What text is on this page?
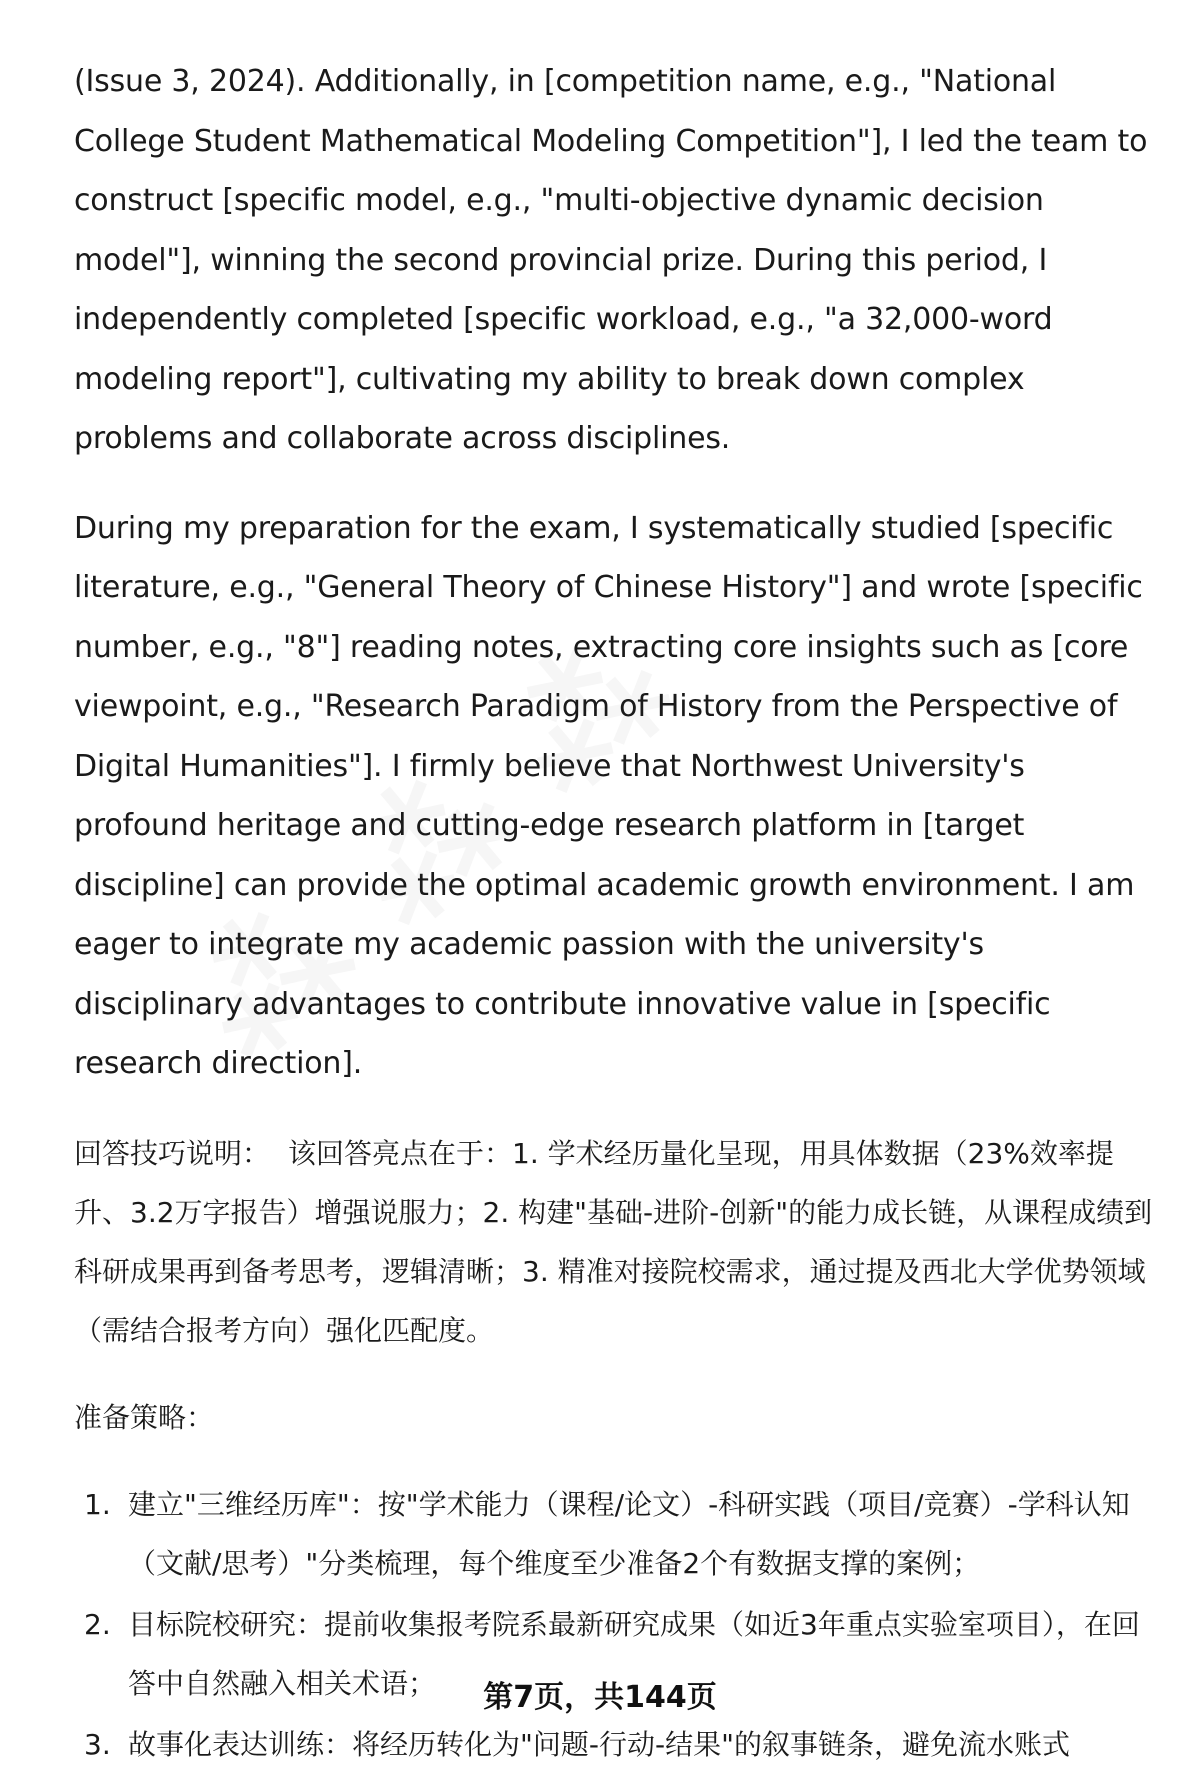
(Issue 3, 2024). Additionally, in [competition name, e.g., "National College Student Mathematical Modeling Competition"], I led the team to construct [specific model, e.g., "multi-objective dynamic decision model"], winning the second provincial prize. During this period, I independently completed [specific workload, e.g., "a 32,000-word modeling report"], cultivating my ability to break down complex problems and collaborate across disciplines.

During my preparation for the exam, I systematically studied [specific literature, e.g., "General Theory of Chinese History"] and wrote [specific number, e.g., "8"] reading notes, extracting core insights such as [core viewpoint, e.g., "Research Paradigm of History from the Perspective of Digital Humanities"]. I firmly believe that Northwest University's profound heritage and cutting-edge research platform in [target discipline] can provide the optimal academic growth environment. I am eager to integrate my academic passion with the university's disciplinary advantages to contribute innovative value in [specific research direction].

回答技巧说明： 该回答亮点在于：1. 学术经历量化呈现，用具体数据（23%效率提升、3.2万字报告）增强说服力；2. 构建"基础-进阶-创新"的能力成长链，从课程成绩到科研成果再到备考思考，逻辑清晰；3. 精准对接院校需求，通过提及西北大学优势领域（需结合报考方向）强化匹配度。

准备策略：

1. 建立"三维经历库"：按"学术能力（课程/论文）-科研实践（项目/竞赛）-学科认知（文献/思考）"分类梳理，每个维度至少准备2个有数据支撑的案例；
2. 目标院校研究：提前收集报考院系最新研究成果（如近3年重点实验室项目），在回答中自然融入相关术语；
3. 故事化表达训练：将经历转化为"问题-行动-结果"的叙事链条，避免流水账式
第7页，共144页
